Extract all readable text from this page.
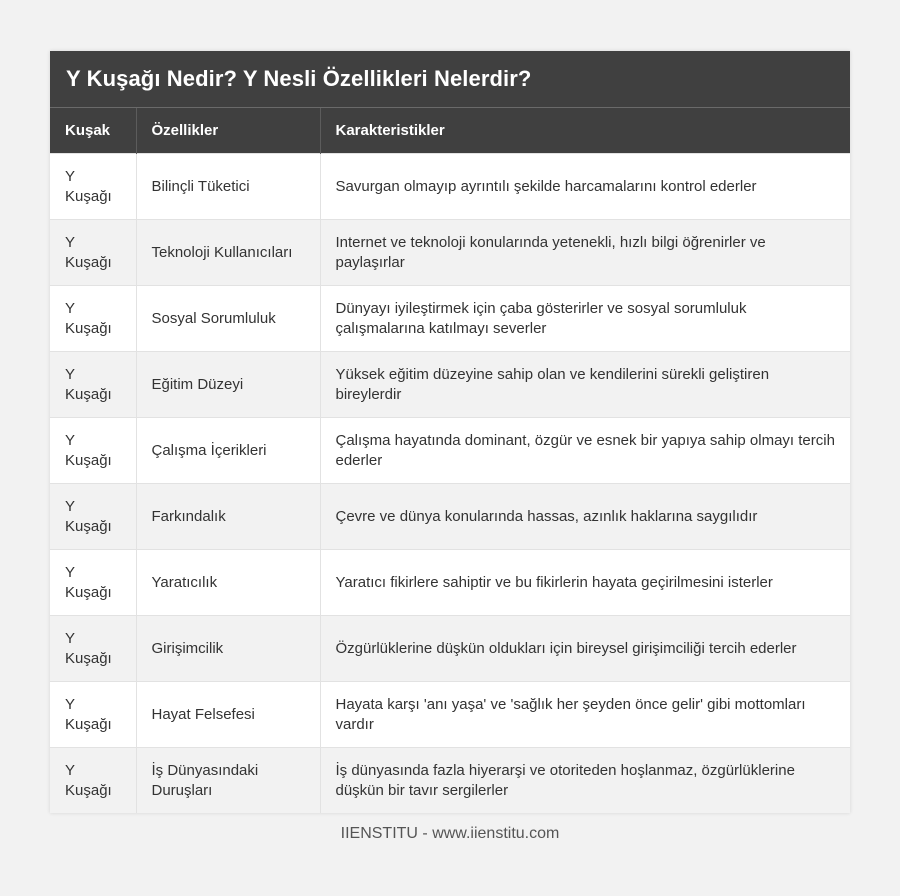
Y Kuşağı Nedir? Y Nesli Özellikleri Nelerdir?
Kuşak	Özellikler	Karakteristikler
Y Kuşağı	Bilinçli Tüketici	Savurgan olmayıp ayrıntılı şekilde harcamalarını kontrol ederler
Y Kuşağı	Teknoloji Kullanıcıları	Internet ve teknoloji konularında yetenekli, hızlı bilgi öğrenirler ve paylaşırlar
Y Kuşağı	Sosyal Sorumluluk	Dünyayı iyileştirmek için çaba gösterirler ve sosyal sorumluluk çalışmalarına katılmayı severler
Y Kuşağı	Eğitim Düzeyi	Yüksek eğitim düzeyine sahip olan ve kendilerini sürekli geliştiren bireylerdir
Y Kuşağı	Çalışma İçerikleri	Çalışma hayatında dominant, özgür ve esnek bir yapıya sahip olmayı tercih ederler
Y Kuşağı	Farkındalık	Çevre ve dünya konularında hassas, azınlık haklarına saygılıdır
Y Kuşağı	Yaratıcılık	Yaratıcı fikirlere sahiptir ve bu fikirlerin hayata geçirilmesini isterler
Y Kuşağı	Girişimcilik	Özgürlüklerine düşkün oldukları için bireysel girişimciliği tercih ederler
Y Kuşağı	Hayat Felsefesi	Hayata karşı 'anı yaşa' ve 'sağlık her şeyden önce gelir' gibi mottomları vardır
Y Kuşağı	İş Dünyasındaki Duruşları	İş dünyasında fazla hiyerarşi ve otoriteden hoşlanmaz, özgürlüklerine düşkün bir tavır sergilerler
IIENSTITU - www.iienstitu.com
